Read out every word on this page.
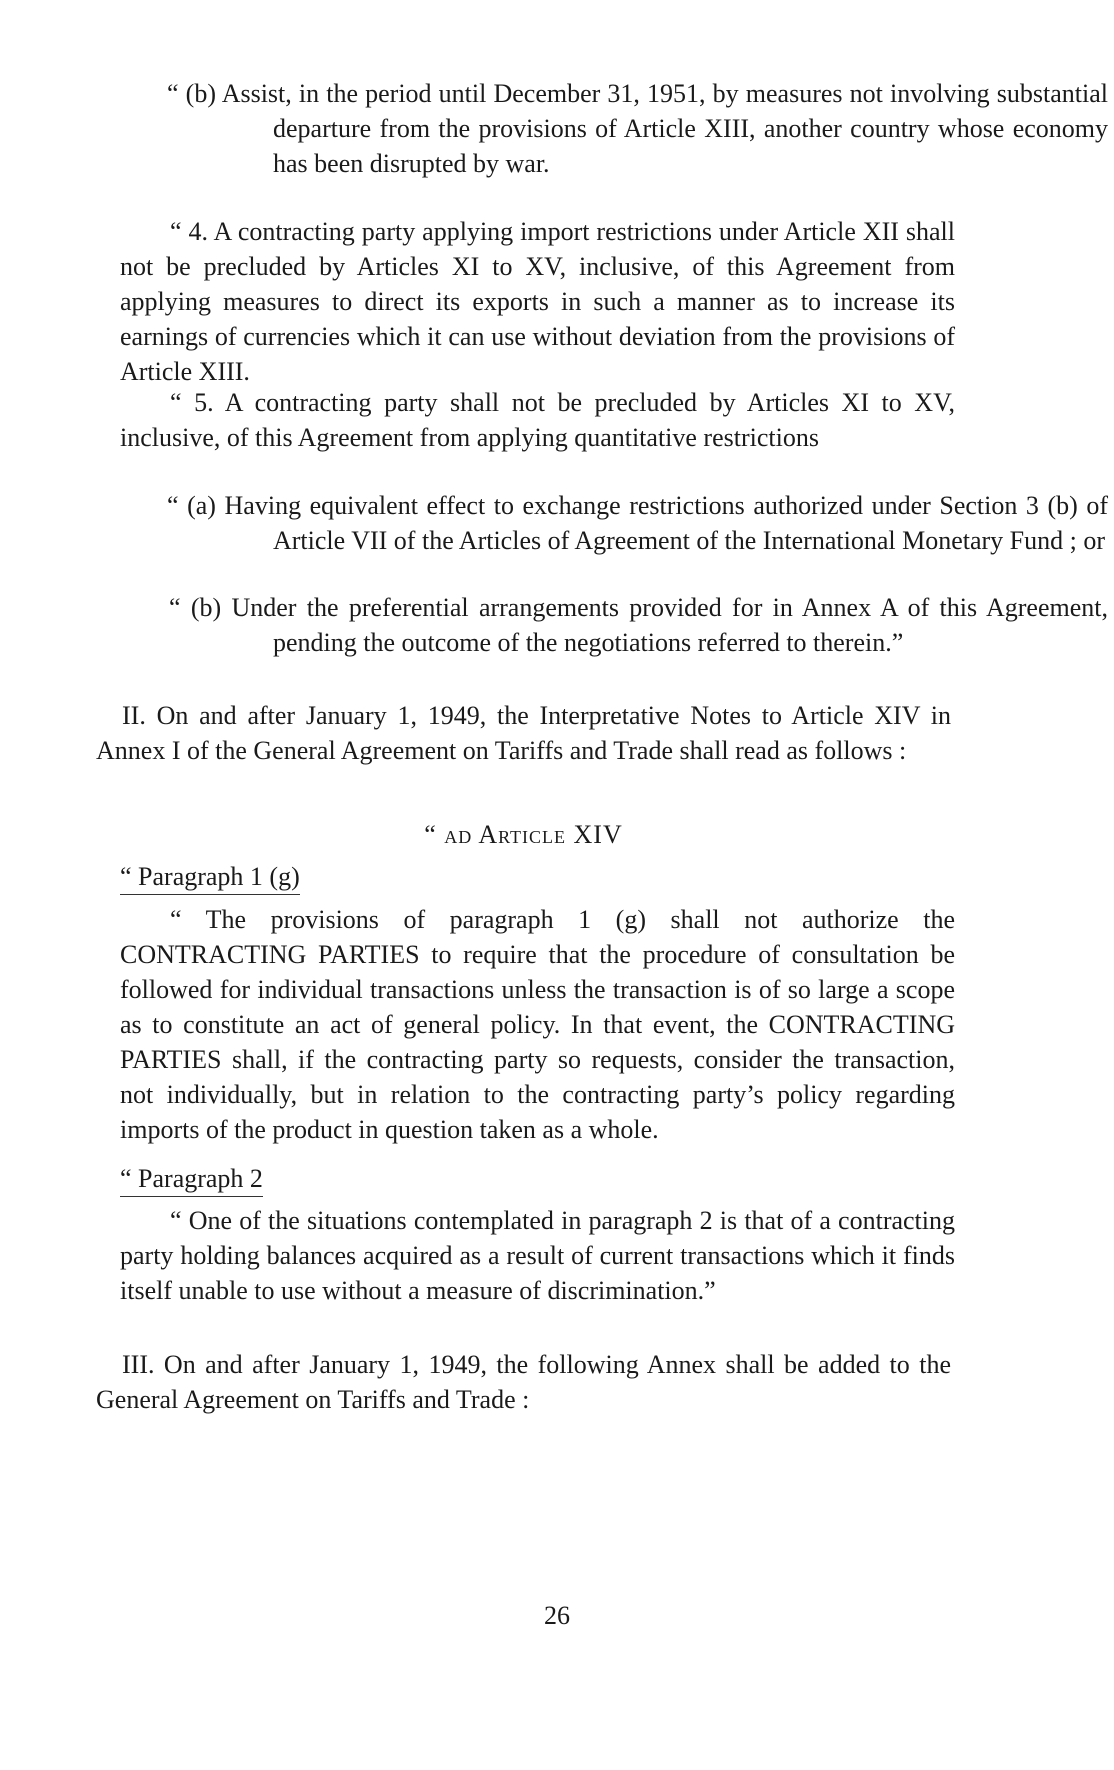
“ (b) Assist, in the period until December 31, 1951, by measures not involving substantial departure from the provisions of Article XIII, another country whose economy has been disrupted by war.
“ 4. A contracting party applying import restrictions under Article XII shall not be precluded by Articles XI to XV, inclusive, of this Agreement from applying measures to direct its exports in such a manner as to increase its earnings of currencies which it can use without deviation from the provisions of Article XIII.
“ 5. A contracting party shall not be precluded by Articles XI to XV, inclusive, of this Agreement from applying quantitative restrictions
“ (a) Having equivalent effect to exchange restrictions authorized under Section 3 (b) of Article VII of the Articles of Agreement of the International Monetary Fund ; or
“ (b) Under the preferential arrangements provided for in Annex A of this Agreement, pending the outcome of the negotiations referred to therein.”
II. On and after January 1, 1949, the Interpretative Notes to Article XIV in Annex I of the General Agreement on Tariffs and Trade shall read as follows :
“ ad Article XIV
“ Paragraph 1 (g)
“ The provisions of paragraph 1 (g) shall not authorize the CONTRACTING PARTIES to require that the procedure of consultation be followed for individual transactions unless the transaction is of so large a scope as to constitute an act of general policy. In that event, the CONTRACTING PARTIES shall, if the contracting party so requests, consider the transaction, not individually, but in relation to the contracting party’s policy regarding imports of the product in question taken as a whole.
“ Paragraph 2
“ One of the situations contemplated in paragraph 2 is that of a contracting party holding balances acquired as a result of current transactions which it finds itself unable to use without a measure of discrimination.”
III. On and after January 1, 1949, the following Annex shall be added to the General Agreement on Tariffs and Trade :
26
